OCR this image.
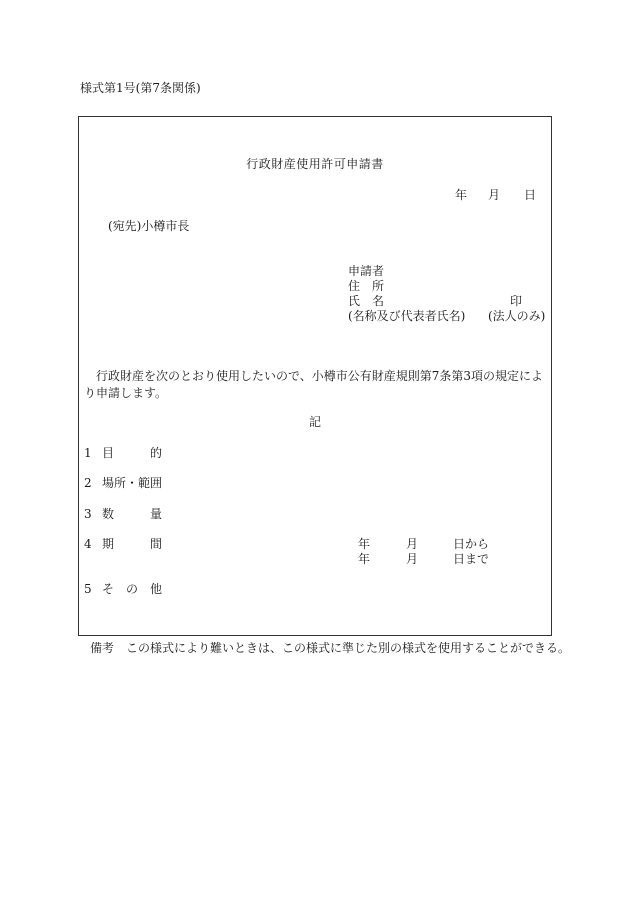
様式第1号(第7条関係)
行政財産使用許可申請書
年 月 日
(宛先)小樽市長
申請者
住　所
氏　名	印
(名称及び代表者氏名) (法人のみ)
行政財産を次のとおり使用したいので、小樽市公有財産規則第7条第3項の規定により申請します。
記
1 目　　　的
2 場所・範囲
3 数　　　量
4 期　　　間	年	月	日から
年	月	日まで
5 そ　の　他
備考　この様式により難いときは、この様式に準じた別の様式を使用することができる。
